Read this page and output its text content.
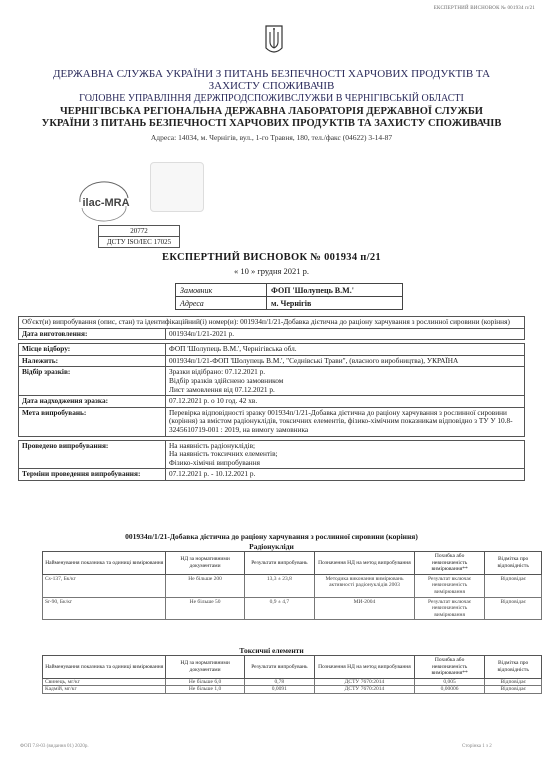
ЕКСПЕРТНИЙ ВИСНОВОК № 001934 п/21
ДЕРЖАВНА СЛУЖБА УКРАЇНИ З ПИТАНЬ БЕЗПЕЧНОСТІ ХАРЧОВИХ ПРОДУКТІВ ТА
ЗАХИСТУ СПОЖИВАЧІВ
ГОЛОВНЕ УПРАВЛІННЯ ДЕРЖПРОДСПОЖИВСЛУЖБИ В ЧЕРНІГІВСЬКІЙ ОБЛАСТІ
ЧЕРНІГІВСЬКА РЕГІОНАЛЬНА ДЕРЖАВНА ЛАБОРАТОРІЯ ДЕРЖАВНОЇ СЛУЖБИ
УКРАЇНИ З ПИТАНЬ БЕЗПЕЧНОСТІ ХАРЧОВИХ ПРОДУКТІВ ТА ЗАХИСТУ СПОЖИВАЧІВ
Адреса: 14034, м. Чернігів, вул., 1-го Травня, 180, тел./факс (04622) 3-14-87
ilac-MRA
20772
ДСТУ ISO/IEC 17025
ЕКСПЕРТНИЙ ВИСНОВОК № 001934 п/21
« 10 » грудня 2021 р.
Замовник	ФОП 'Шолупець В.М.'
Адреса	м. Чернігів
Об'єкт(и) випробування (опис, стан) та ідентифікаційний(і) номер(и): 001934п/1/21-Добавка дієтична до раціону харчування з рослинної сировини (коріння)	
Дата виготовлення:	001934п/1/21-2021 р.

Місце відбору:	ФОП 'Шолупець В.М.', Чернігівська обл.
Належить:	001934п/1/21-ФОП 'Шолупець В.М.', "Седнівські Трави", (власного виробництва), УКРАЇНА
Відбір зразків:	Зразки відібрано: 07.12.2021 р.
Відбір зразків здійснено замовником
Лист замовлення від 07.12.2021 р.

Дата надходження зразка:	07.12.2021 р. о 10 год. 42 хв.
Мета випробувань:	Перевірка відповідності зразку 001934п/1/21-Добавка дієтична до раціону харчування з рослинної сировини (коріння) за вмістом радіонуклідів, токсичних елементів, фізико-хімічним показникам відповідно з ТУ У 10.8-3245610719-001 : 2019, на вимогу замовника

Проведено випробування:	На наявність радіонуклідів;
На наявність токсичних елементів;
Фізико-хімічні випробування

Терміни проведення випробування:	07.12.2021 р. - 10.12.2021 р.
001934п/1/21-Добавка дієтична до раціону харчування з рослинної сировини (коріння)
Радіонукліди
Найменування показника та одиниці вимірювання	НД за нормативними документами	Результати випробувань	Позначення НД на метод випробування	Похибка або невизначеність вимірювання**	Відмітка про відповідність
Cs-137, Бк/кг	Не більше 200	13,3 ± 23,8	Методика виконання вимірювань активності радіонуклідів 2003	Результат включає невизначеність вимірювання	Відповідає
Sr-90, Бк/кг	Не більше 50	0,9 ± 4,7	МИ-2004	Результат включає невизначеність вимірювання	Відповідає
Токсичні елементи
Найменування показника та одиниці вимірювання	НД за нормативними документами	Результати випробувань	Позначення НД на метод випробування	Похибка або невизначеність вимірювання**	Відмітка про відповідність
Свинець, мг/кг	Не більше 6,0	0,78	ДСТУ 7670:2014	0,005	Відповідає
Кадмій, мг/кг	Не більше 1,0	0,0091	ДСТУ 7670:2014	0,00006	Відповідає
ФОП 7.8-03 (видання 01) 2020р.	Сторінка 1 з 2
